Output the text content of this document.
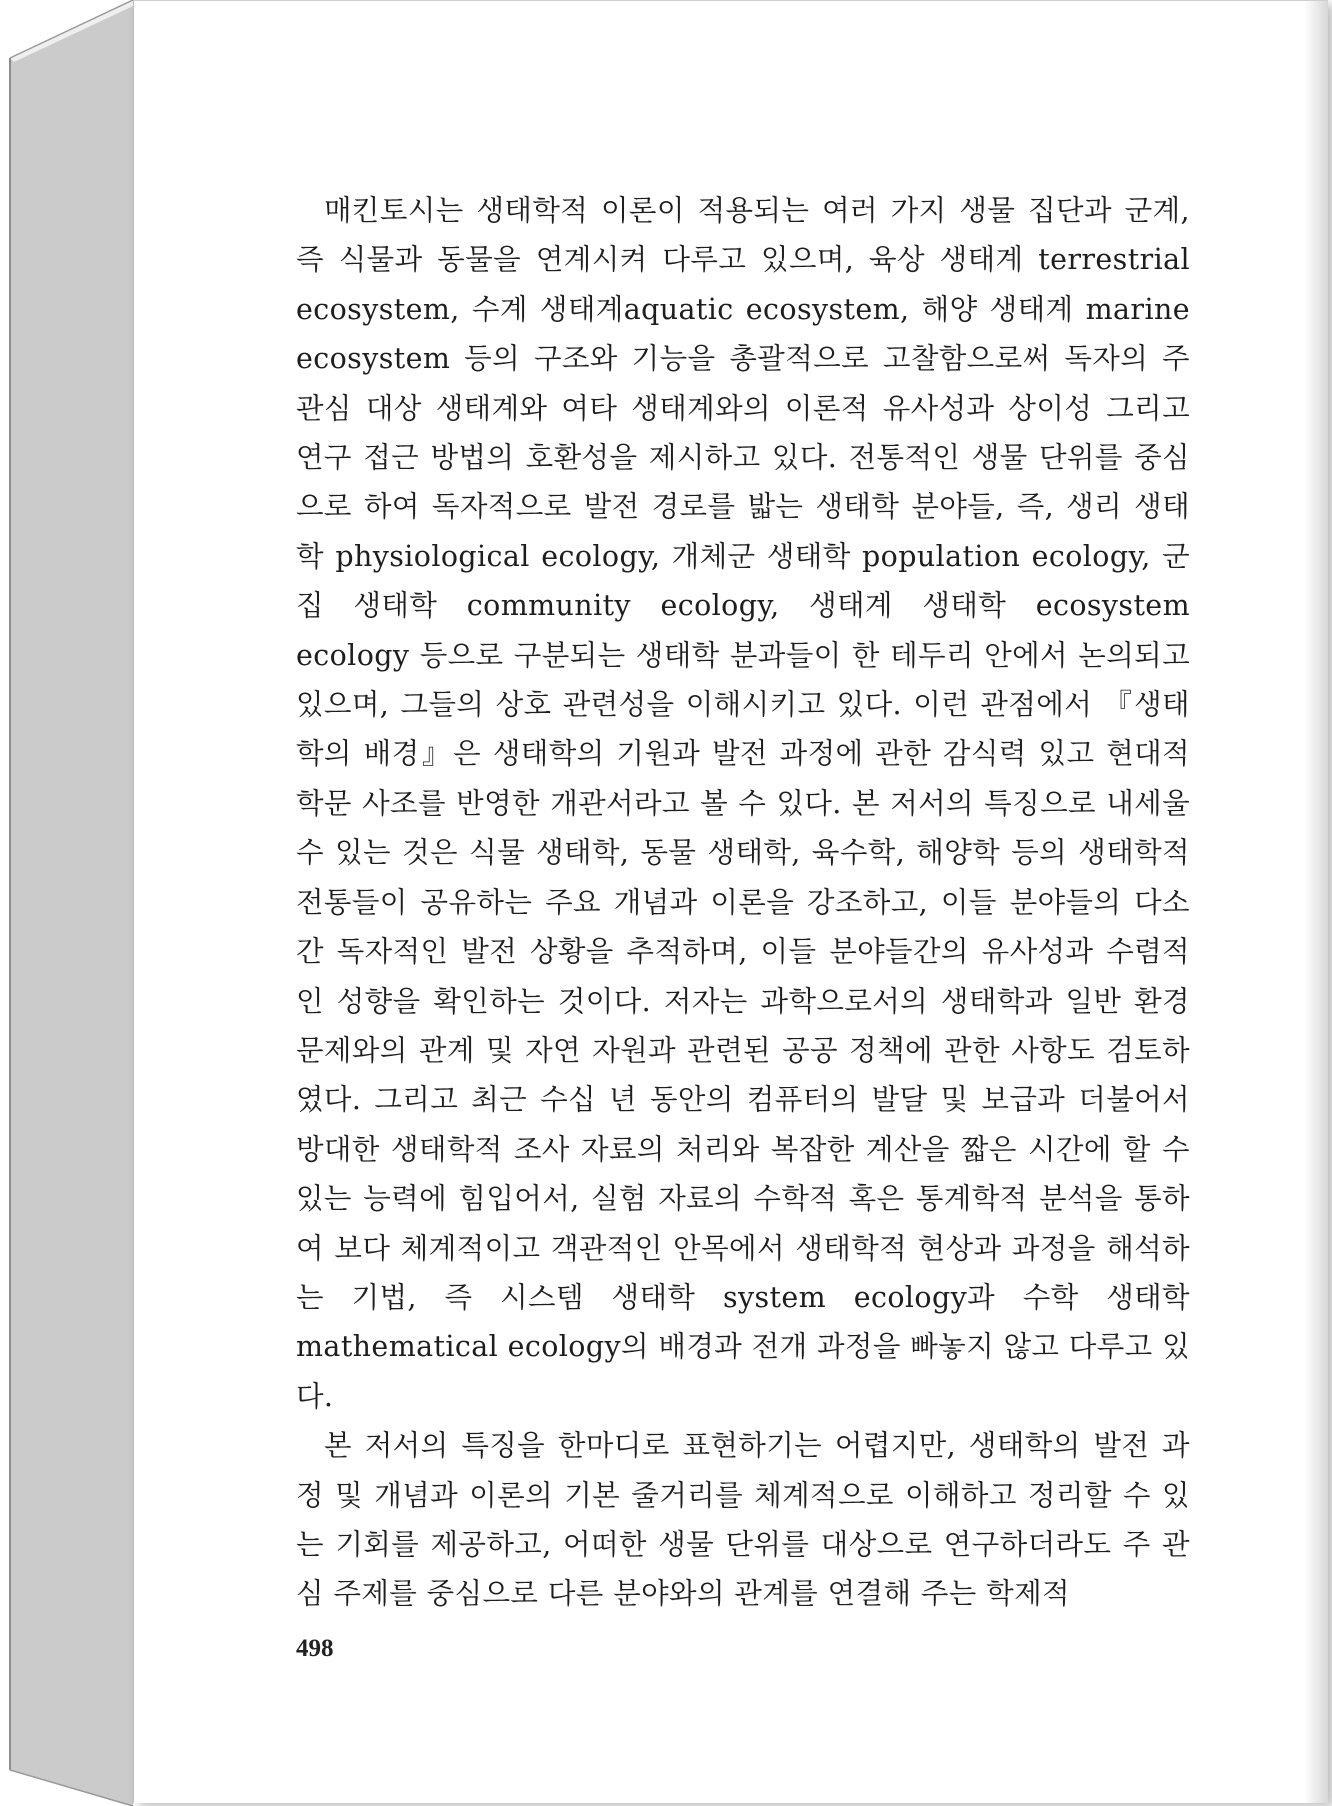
매킨토시는 생태학적 이론이 적용되는 여러 가지 생물 집단과 군계, 즉 식물과 동물을 연계시켜 다루고 있으며, 육상 생태계 terrestrial ecosystem, 수계 생태계aquatic ecosystem, 해양 생태계 marine ecosystem 등의 구조와 기능을 총괄적으로 고찰함으로써 독자의 주 관심 대상 생태계와 여타 생태계와의 이론적 유사성과 상이성 그리고 연구 접근 방법의 호환성을 제시하고 있다. 전통적인 생물 단위를 중심으로 하여 독자적으로 발전 경로를 밟는 생태학 분야들, 즉, 생리 생태학 physiological ecology, 개체군 생태학 population ecology, 군집 생태학 community ecology, 생태계 생태학 ecosystem ecology 등으로 구분되는 생태학 분과들이 한 테두리 안에서 논의되고 있으며, 그들의 상호 관련성을 이해시키고 있다. 이런 관점에서 『생태학의 배경』은 생태학의 기원과 발전 과정에 관한 감식력 있고 현대적 학문 사조를 반영한 개관서라고 볼 수 있다. 본 저서의 특징으로 내세울 수 있는 것은 식물 생태학, 동물 생태학, 육수학, 해양학 등의 생태학적 전통들이 공유하는 주요 개념과 이론을 강조하고, 이들 분야들의 다소간 독자적인 발전 상황을 추적하며, 이들 분야들간의 유사성과 수렴적인 성향을 확인하는 것이다. 저자는 과학으로서의 생태학과 일반 환경 문제와의 관계 및 자연 자원과 관련된 공공 정책에 관한 사항도 검토하였다. 그리고 최근 수십 년 동안의 컴퓨터의 발달 및 보급과 더불어서 방대한 생태학적 조사 자료의 처리와 복잡한 계산을 짧은 시간에 할 수 있는 능력에 힘입어서, 실험 자료의 수학적 혹은 통계학적 분석을 통하여 보다 체계적이고 객관적인 안목에서 생태학적 현상과 과정을 해석하는 기법, 즉 시스템 생태학 system ecology과 수학 생태학 mathematical ecology의 배경과 전개 과정을 빠놓지 않고 다루고 있다.

본 저서의 특징을 한마디로 표현하기는 어렵지만, 생태학의 발전 과정 및 개념과 이론의 기본 줄거리를 체계적으로 이해하고 정리할 수 있는 기회를 제공하고, 어떠한 생물 단위를 대상으로 연구하더라도 주 관심 주제를 중심으로 다른 분야와의 관계를 연결해 주는 학제적

498
